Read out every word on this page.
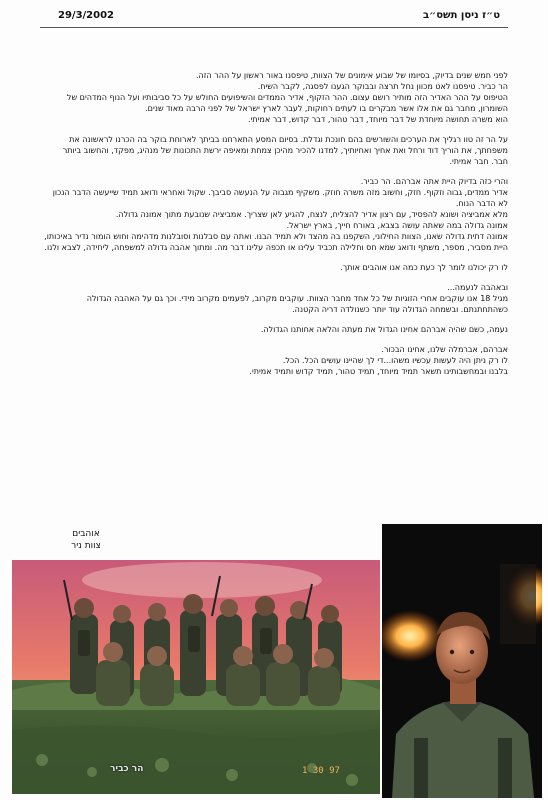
29/3/2002	ט״ז ניסן תשס״ב

לפני חמש שנים בדיוק, בסיומו של שבוע אימונים של הצוות, טיפסנו באור ראשון על ההר הזה.
הר כביר. טיפסנו לאט מכוון נחל תרצה ובבוקר הגענו לפסגה, לקבר השיח.
הטיפוס על ההר האדיר הזה מותיר רושם עצום. ההר הזקוף, אדיר הממדים והשיפועים החולש על כל סביבותיו ועל הנוף המדהים של השומרון, מחבר גם את אלו אשר מבקרים בו לעתים רחוקות, לעבר לארץ ישראל של לפני הרבה מאוד שנים.
הוא משרה תחושה מיוחדת של דבר מיוחד, דבר טהור, דבר קדוש, דבר אמיתי.

על הר זה טוו רגליך את הערכים והשורשים בהם חונכת וגדלת. בסיום המסע התארחנו בביתך לארוחת בוקר בה הכרנו לראשונה את משפחתך, את הוריך דוד ורחל ואת אחיך ואחיותיך, למדנו להכיר מהיכן צמחת ומאיפה ירשת התכונות של מנהיג, מפקד, והחשוב ביותר חבר. חבר אמיתי.

והרי כזה בדיוק היית אתה אברהם. הר כביר.
אדיר ממדים, גבוה וזקוף. חזק, וחשוב מזה משרה חוזק. משקיף מגבוה על הנעשה סביבך. שקול ואחראי ודואג תמיד שייעשה הדבר הנכון לא הדבר הנוח.
מלא אמביציה ושונא להפסיד, עם רצון אדיר להצליח, לנצח, להגיע לאן שצריך. אמביציה שנובעת מתוך אמונה גדולה.
אמונה גדולה במה שאתה עושה בצבא, באורח חייך, בארץ ישראל.
אמונה דתית גדולה שאנו, הצוות החילוני, השקפנו בה מהצד ולא תמיד הבנו. ואתה עם סבלנות וסובלנות מדהימה וחוש הומור נדיר באיכותו, היית מסביר, מספר, משתף ודואג שמא חס וחלילה תכביד עלינו או תכפה עלינו דבר מה. ומתוך אהבה גדולה למשפחה, ליחידה, לצבא ולנו.

לו רק יכולנו לומר לך כעת כמה אנו אוהבים אותך.

ובאהבה לנעמה...
מגיל 18 אנו עוקבים אחרי הזוגיות של כל אחד מחבר הצוות. עוקבים מקרוב, לפעמים מקרוב מידי. וכך גם על האהבה הגדולה כשהתחתנתם. ובשמחה הגדולה עוד יותר כשנולדה דריה הקטנה.

נעמה, כשם שהיה אברהם אחינו הגדול את מעתה והלאה אחותנו הגדולה.

אברהם, אברמלה שלנו, אחינו הבכור.
לו רק ניתן היה לעשות עכשיו משהו...די לך שהיינו עושים הכל. הכל.
בלבנו ובמחשבותינו תשאר תמיד מיוחד, תמיד טהור, תמיד קדוש ותמיד אמיתי.

אוהבים
צוות ניר
הר כביר	1 30 97
